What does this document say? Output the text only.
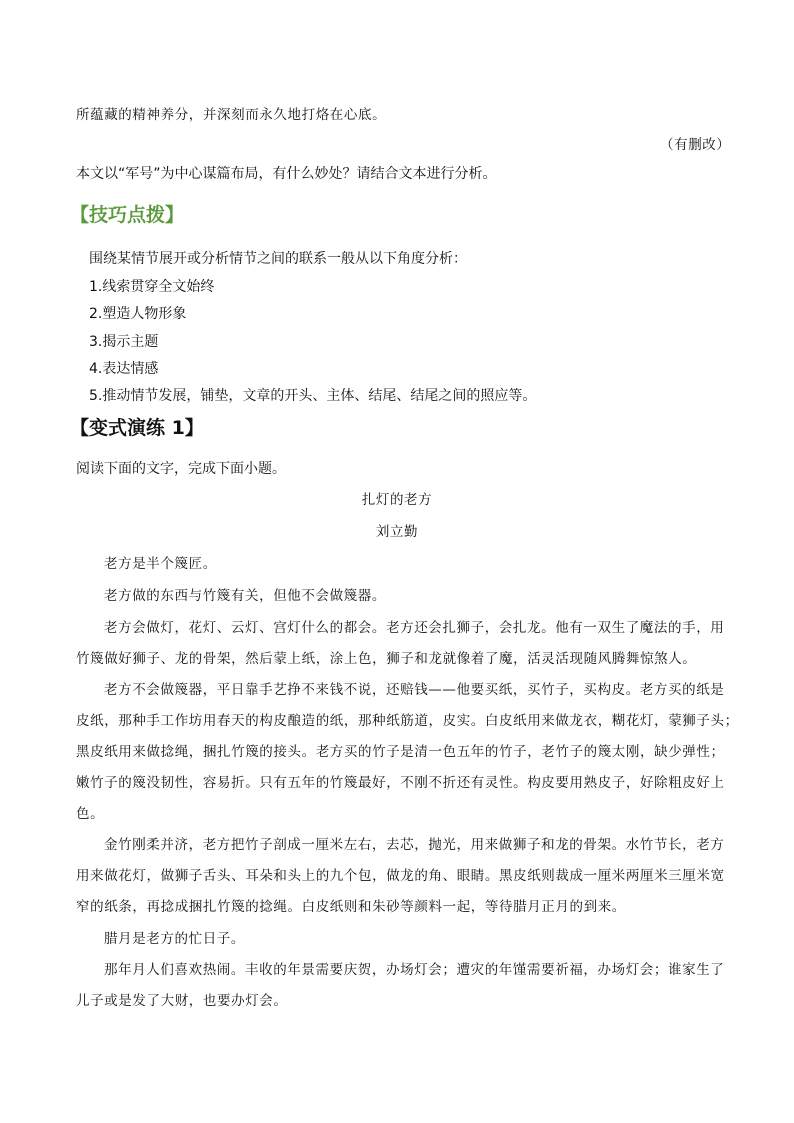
所蕴藏的精神养分，并深刻而永久地打烙在心底。
（有删改）
本文以“军号”为中心谋篇布局，有什么妙处？请结合文本进行分析。
【技巧点拨】
围绕某情节展开或分析情节之间的联系一般从以下角度分析：
1.线索贯穿全文始终
2.塑造人物形象
3.揭示主题
4.表达情感
5.推动情节发展，铺垫，文章的开头、主体、结尾、结尾之间的照应等。
【变式演练 1】
阅读下面的文字，完成下面小题。
扎灯的老方
刘立勤
老方是半个篾匠。
老方做的东西与竹篾有关，但他不会做篾器。
老方会做灯，花灯、云灯、宫灯什么的都会。老方还会扎狮子，会扎龙。他有一双生了魔法的手，用
竹篾做好狮子、龙的骨架，然后蒙上纸，涂上色，狮子和龙就像着了魔，活灵活现随风腾舞惊煞人。
老方不会做篾器，平日靠手艺挣不来钱不说，还赔钱——他要买纸，买竹子，买构皮。老方买的纸是
皮纸，那种手工作坊用春天的构皮酿造的纸，那种纸筋道，皮实。白皮纸用来做龙衣，糊花灯，蒙狮子头；
黑皮纸用来做捻绳，捆扎竹篾的接头。老方买的竹子是清一色五年的竹子，老竹子的篾太刚，缺少弹性；
嫩竹子的篾没韧性，容易折。只有五年的竹篾最好，不刚不折还有灵性。构皮要用熟皮子，好除粗皮好上
色。
金竹刚柔并济，老方把竹子剖成一厘米左右，去芯，抛光，用来做狮子和龙的骨架。水竹节长，老方
用来做花灯，做狮子舌头、耳朵和头上的九个包，做龙的角、眼睛。黑皮纸则裁成一厘米两厘米三厘米宽
窄的纸条，再捻成捆扎竹篾的捻绳。白皮纸则和朱砂等颜料一起，等待腊月正月的到来。
腊月是老方的忙日子。
那年月人们喜欢热闹。丰收的年景需要庆贺，办场灯会；遭灾的年馑需要祈福，办场灯会；谁家生了
儿子或是发了大财，也要办灯会。
